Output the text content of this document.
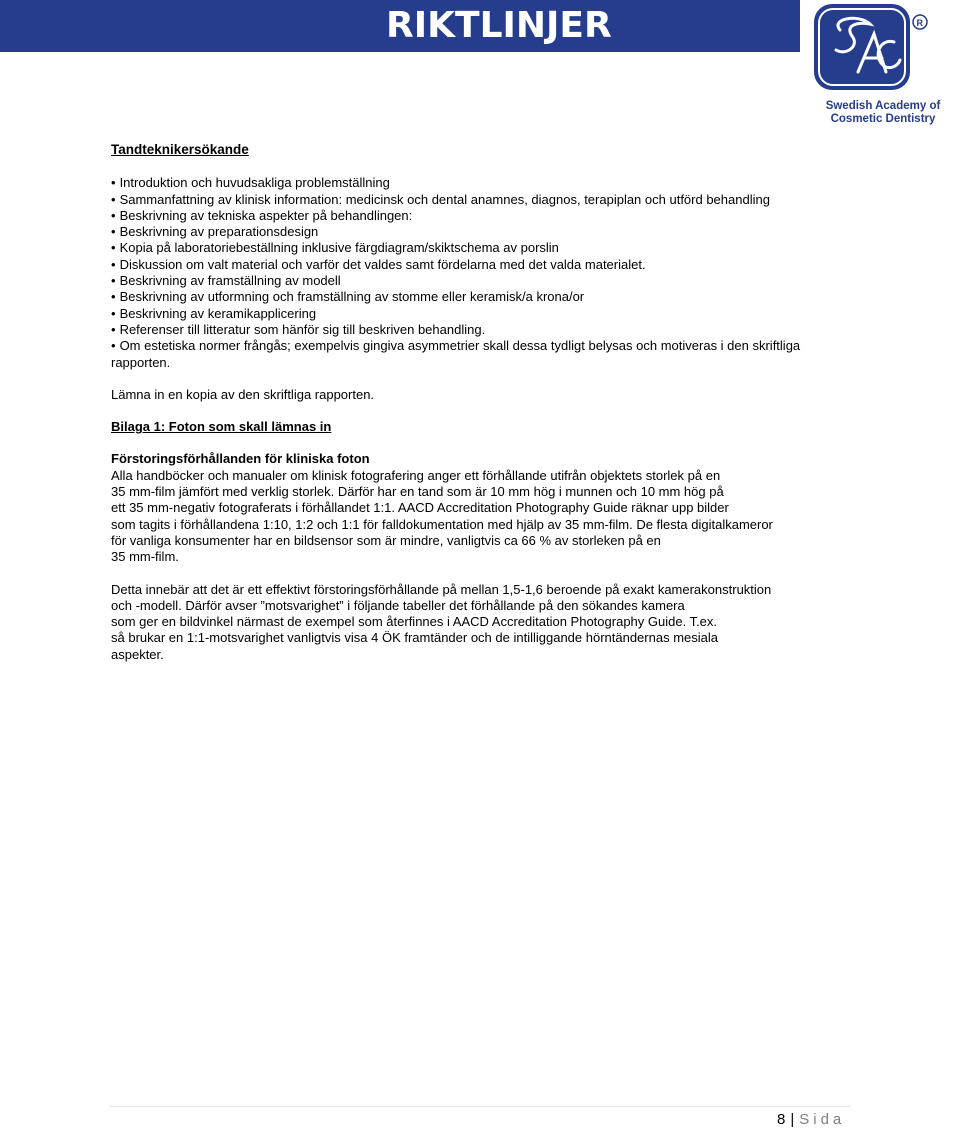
RIKTLINJER	R
Swedish Academy of
Cosmetic Dentistry

Tandteknikersökande

• Introduktion och huvudsakliga problemställning
• Sammanfattning av klinisk information: medicinsk och dental anamnes, diagnos, terapiplan och utförd behandling
• Beskrivning av tekniska aspekter på behandlingen:
• Beskrivning av preparationsdesign
• Kopia på laboratoriebeställning inklusive färgdiagram/skiktschema av porslin
• Diskussion om valt material och varför det valdes samt fördelarna med det valda materialet.
• Beskrivning av framställning av modell
• Beskrivning av utformning och framställning av stomme eller keramisk/a krona/or
• Beskrivning av keramikapplicering
• Referenser till litteratur som hänför sig till beskriven behandling.
• Om estetiska normer frångås; exempelvis gingiva asymmetrier skall dessa tydligt belysas och motiveras i den skriftliga rapporten.

Lämna in en kopia av den skriftliga rapporten.

Bilaga 1: Foton som skall lämnas in

Förstoringsförhållanden för kliniska foton

Alla handböcker och manualer om klinisk fotografering anger ett förhållande utifrån objektets storlek på en
35 mm-film jämfört med verklig storlek. Därför har en tand som är 10 mm hög i munnen och 10 mm hög på
ett 35 mm-negativ fotograferats i förhållandet 1:1. AACD Accreditation Photography Guide räknar upp bilder
som tagits i förhållandena 1:10, 1:2 och 1:1 för falldokumentation med hjälp av 35 mm-film. De flesta digitalkameror
för vanliga konsumenter har en bildsensor som är mindre, vanligtvis ca 66 % av storleken på en
35 mm-film.
Detta innebär att det är ett effektivt förstoringsförhållande på mellan 1,5-1,6 beroende på exakt kamerakonstruktion
och -modell. Därför avser ”motsvarighet” i följande tabeller det förhållande på den sökandes kamera
som ger en bildvinkel närmast de exempel som återfinnes i AACD Accreditation Photography Guide. T.ex.
så brukar en 1:1-motsvarighet vanligtvis visa 4 ÖK framtänder och de intilliggande hörntändernas mesiala
aspekter.
8 | Sida
